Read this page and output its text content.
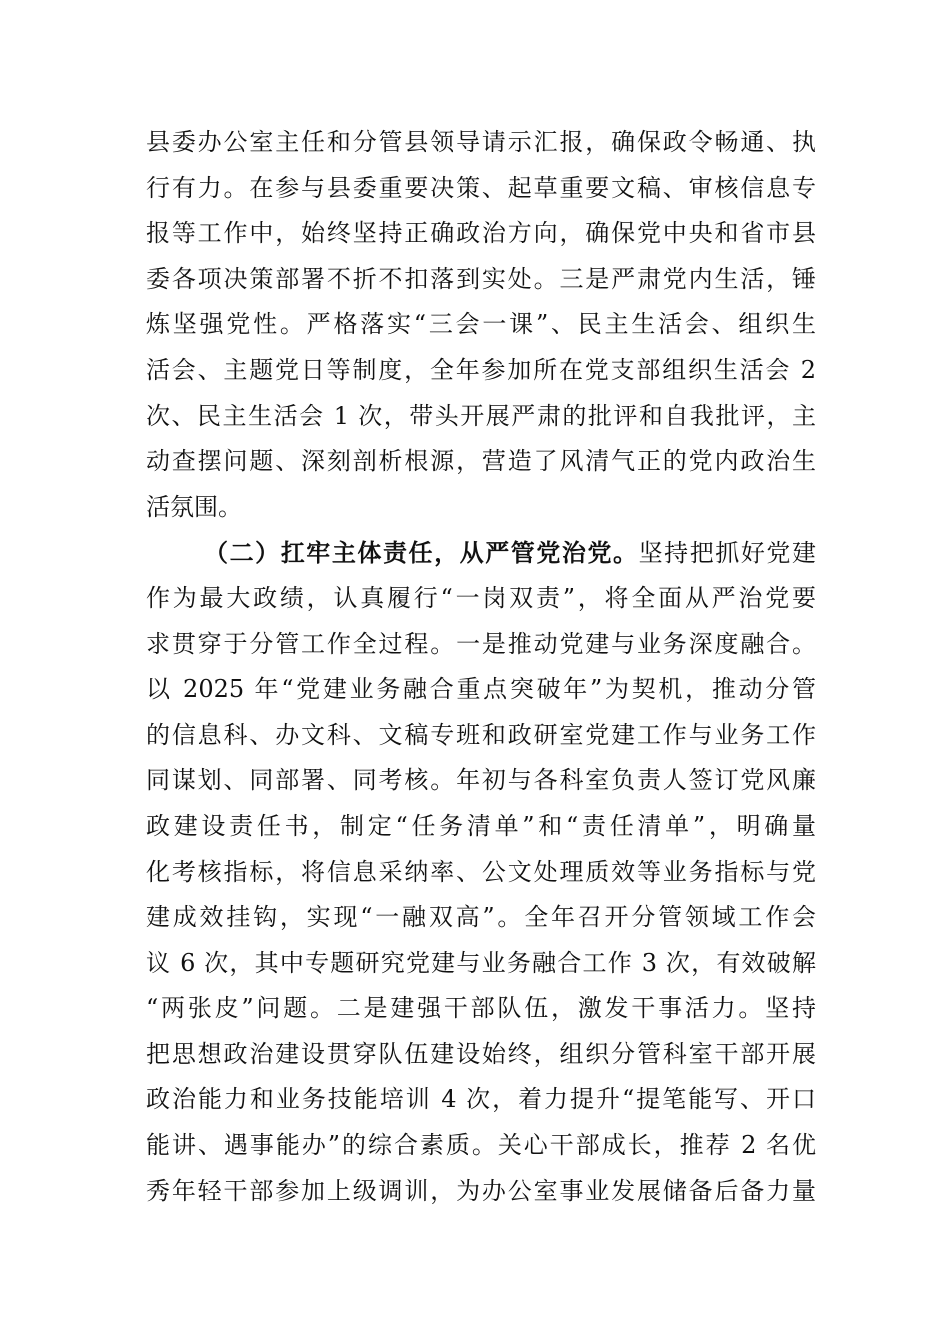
县委办公室主任和分管县领导请示汇报，确保政令畅通、执
行有力。在参与县委重要决策、起草重要文稿、审核信息专
报等工作中，始终坚持正确政治方向，确保党中央和省市县
委各项决策部署不折不扣落到实处。三是严肃党内生活，锤
炼坚强党性。严格落实“三会一课”、民主生活会、组织生
活会、主题党日等制度，全年参加所在党支部组织生活会 2
次、民主生活会 1 次，带头开展严肃的批评和自我批评，主
动查摆问题、深刻剖析根源，营造了风清气正的党内政治生
活氛围。
（二）扛牢主体责任，从严管党治党。坚持把抓好党建
作为最大政绩，认真履行“一岗双责”，将全面从严治党要
求贯穿于分管工作全过程。一是推动党建与业务深度融合。
以 2025 年“党建业务融合重点突破年”为契机，推动分管
的信息科、办文科、文稿专班和政研室党建工作与业务工作
同谋划、同部署、同考核。年初与各科室负责人签订党风廉
政建设责任书，制定“任务清单”和“责任清单”，明确量
化考核指标，将信息采纳率、公文处理质效等业务指标与党
建成效挂钩，实现“一融双高”。全年召开分管领域工作会
议 6 次，其中专题研究党建与业务融合工作 3 次，有效破解
“两张皮”问题。二是建强干部队伍，激发干事活力。坚持
把思想政治建设贯穿队伍建设始终，组织分管科室干部开展
政治能力和业务技能培训 4 次，着力提升“提笔能写、开口
能讲、遇事能办”的综合素质。关心干部成长，推荐 2 名优
秀年轻干部参加上级调训，为办公室事业发展储备后备力量
